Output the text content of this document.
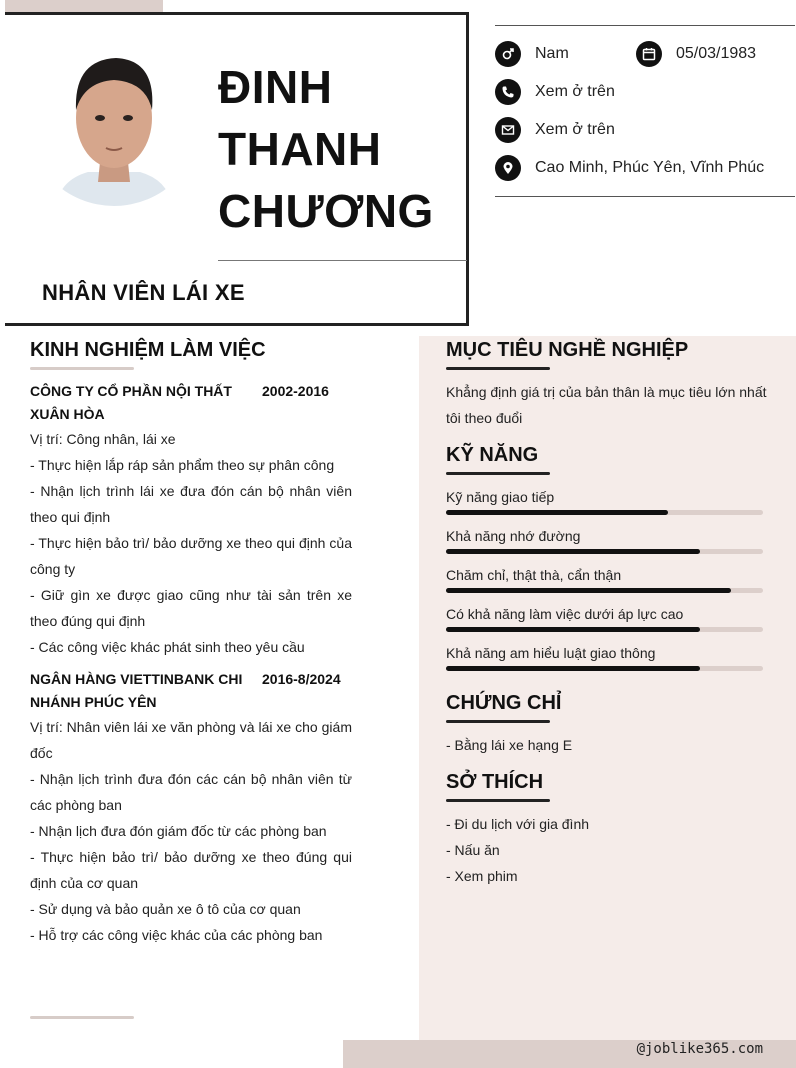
ĐINH
THANH
CHƯƠNG
NHÂN VIÊN LÁI XE
Nam	05/03/1983
Xem ở trên
Xem ở trên
Cao Minh, Phúc Yên, Vĩnh Phúc
KINH NGHIỆM LÀM VIỆC
CÔNG TY CỔ PHẦN NỘI THẤT XUÂN HÒA
2002-2016
Vị trí: Công nhân, lái xe
- Thực hiện lắp ráp sản phẩm theo sự phân công
- Nhận lịch trình lái xe đưa đón cán bộ nhân viên theo qui định
- Thực hiện bảo trì/ bảo dưỡng xe theo qui định của công ty
- Giữ gìn xe được giao cũng như tài sản trên xe theo đúng qui định
- Các công việc khác phát sinh theo yêu cầu
NGÂN HÀNG VIETTINBANK CHI NHÁNH PHÚC YÊN
2016-8/2024
Vị trí: Nhân viên lái xe văn phòng và lái xe cho giám đốc
- Nhận lịch trình đưa đón các cán bộ nhân viên từ các phòng ban
- Nhận lịch đưa đón giám đốc từ các phòng ban
- Thực hiện bảo trì/ bảo dưỡng xe theo đúng qui định của cơ quan
- Sử dụng và bảo quản xe ô tô của cơ quan
- Hỗ trợ các công việc khác của các phòng ban
MỤC TIÊU NGHỀ NGHIỆP
Khẳng định giá trị của bản thân là mục tiêu lớn nhất tôi theo đuổi
KỸ NĂNG
Kỹ năng giao tiếp
Khả năng nhớ đường
Chăm chỉ, thật thà, cẩn thận
Có khả năng làm việc dưới áp lực cao
Khả năng am hiểu luật giao thông
CHỨNG CHỈ
- Bằng lái xe hạng E
SỞ THÍCH
- Đi du lịch với gia đình
- Nấu ăn
- Xem phim
@joblike365.com
